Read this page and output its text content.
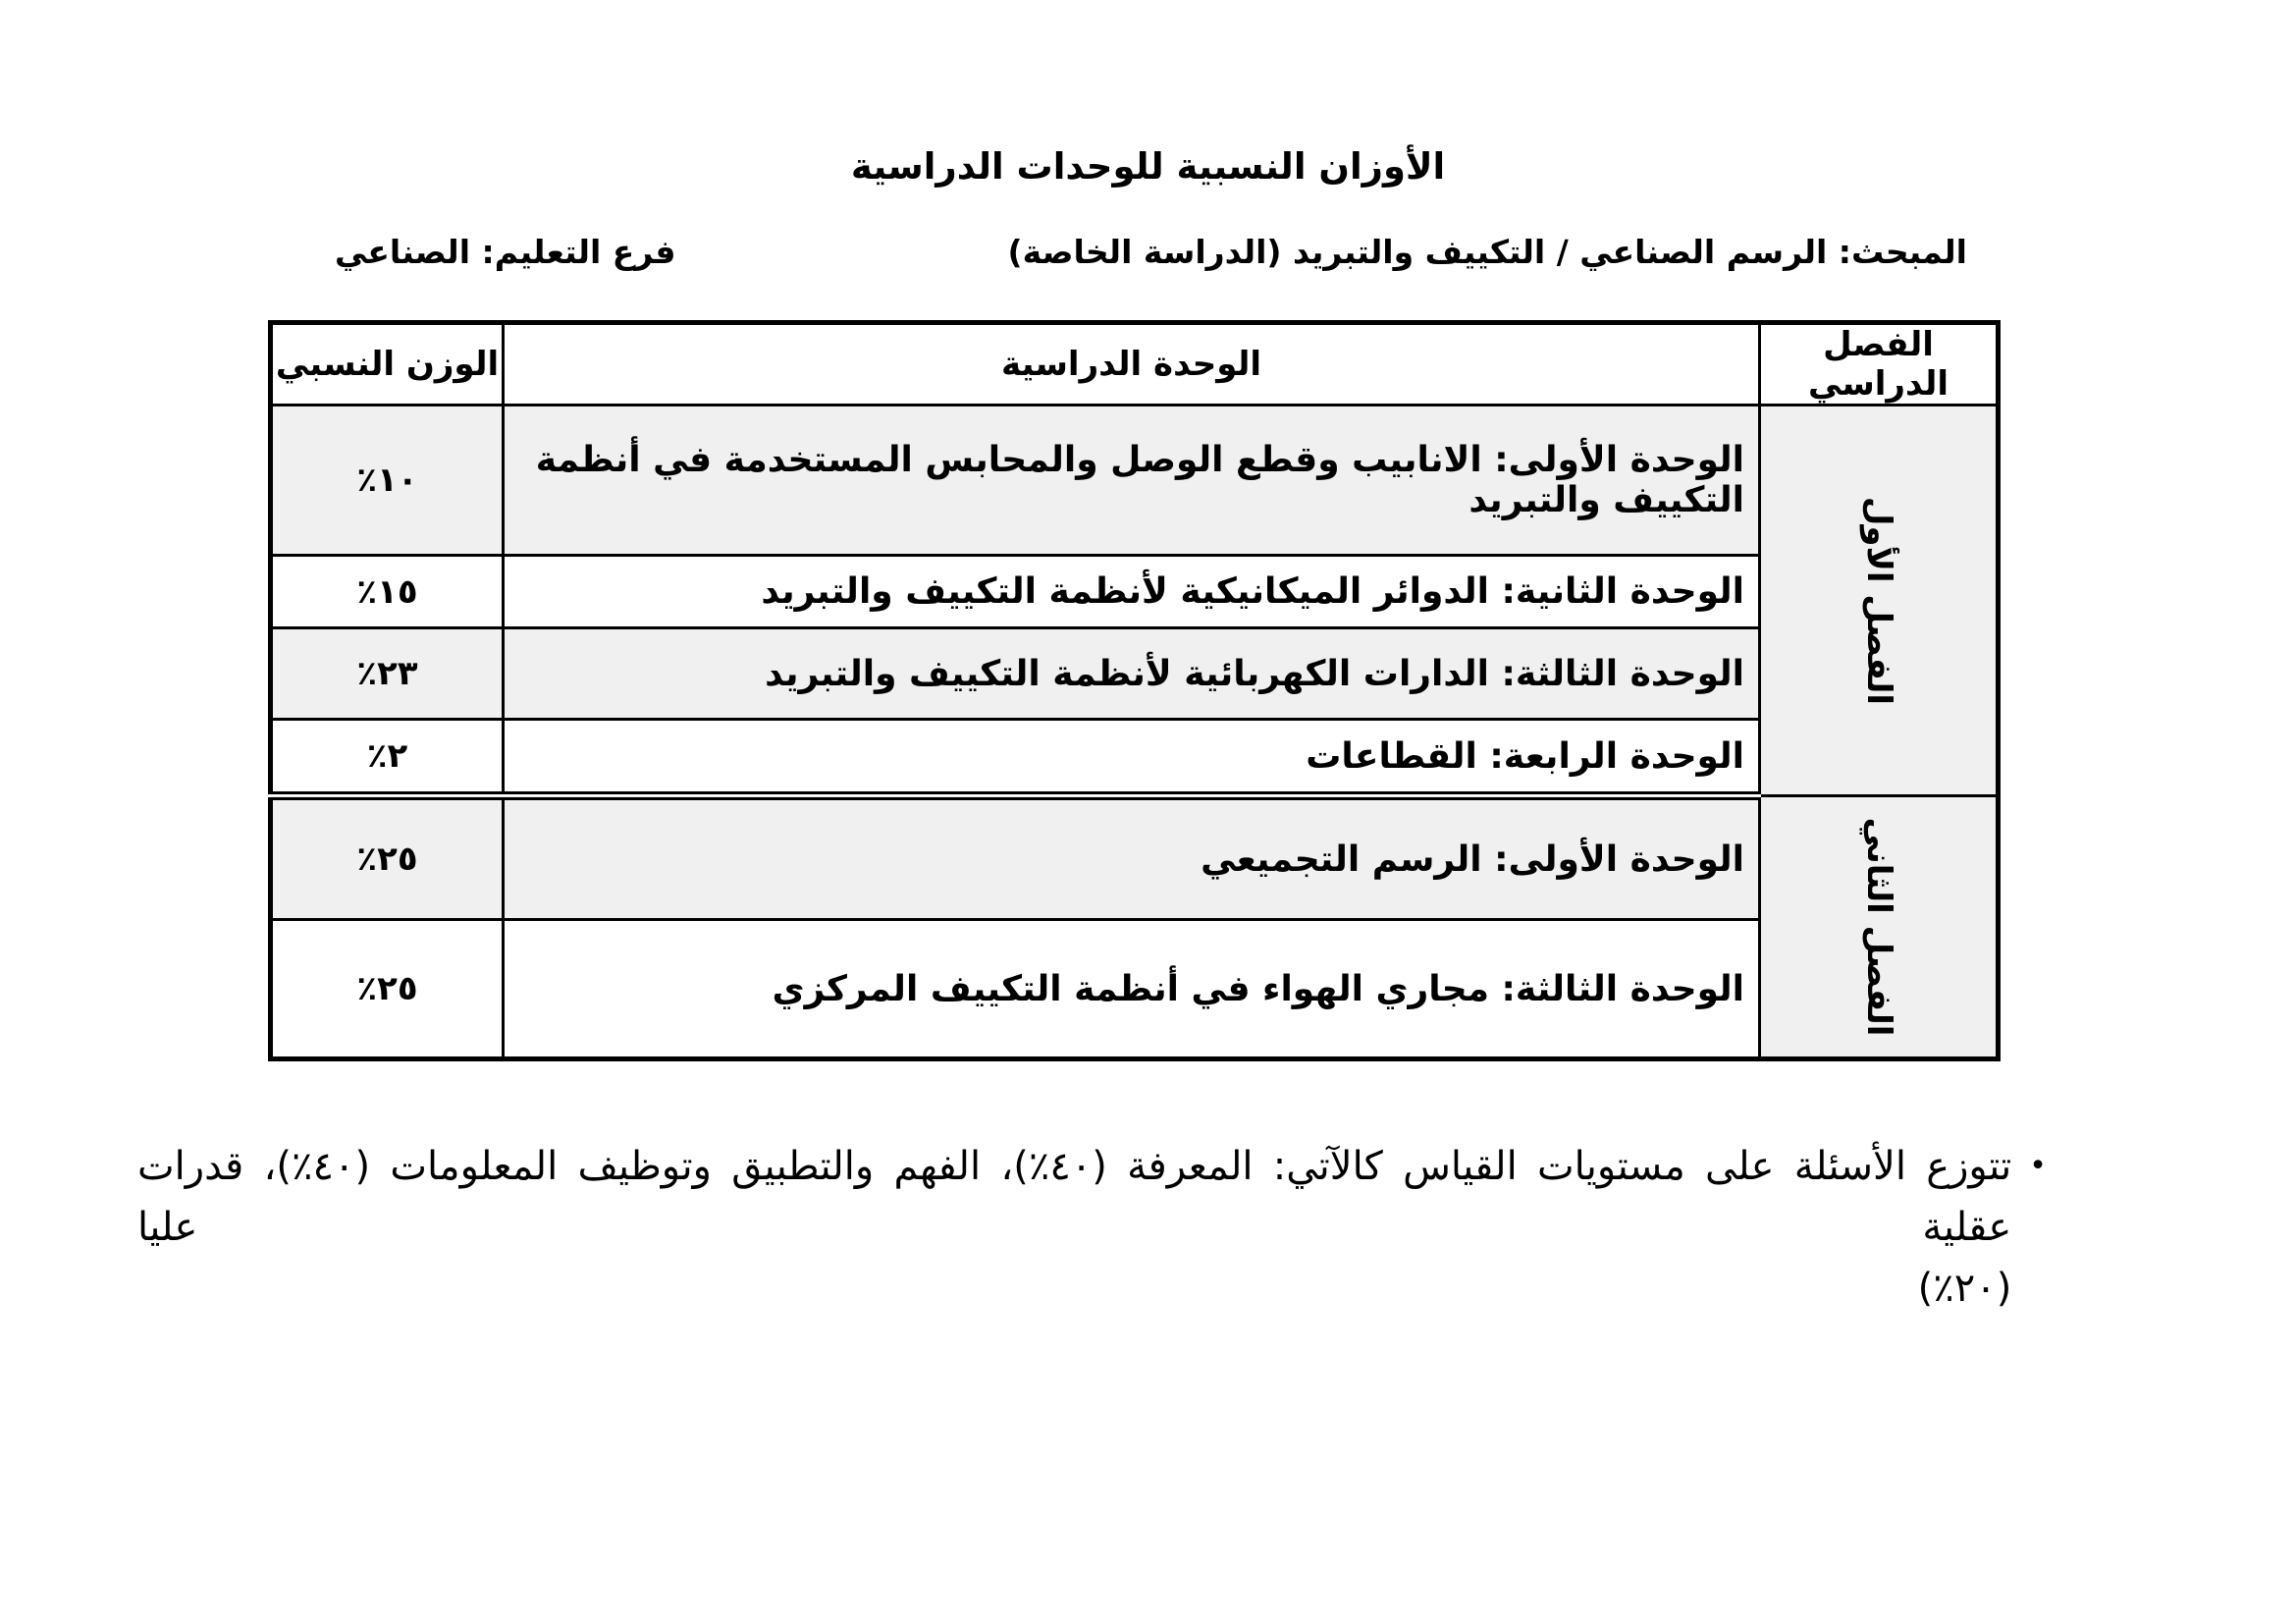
الأوزان النسبية للوحدات الدراسية
المبحث: الرسم الصناعي / التكييف والتبريد (الدراسة الخاصة)
فرع التعليم: الصناعي
الفصل الدراسي	الوحدة الدراسية	الوزن النسبي

الفصل الأول	الوحدة الأولى: الانابيب وقطع الوصل والمحابس المستخدمة في أنظمة التكييف والتبريد	١٠٪
	الوحدة الثانية: الدوائر الميكانيكية لأنظمة التكييف والتبريد	١٥٪
	الوحدة الثالثة: الدارات الكهربائية لأنظمة التكييف والتبريد	٢٣٪
	الوحدة الرابعة: القطاعات	٢٪

الفصل الثاني	الوحدة الأولى: الرسم التجميعي	٢٥٪
	الوحدة الثالثة: مجاري الهواء في أنظمة التكييف المركزي	٢٥٪
•
تتوزع الأسئلة على مستويات القياس كالآتي: المعرفة (٤٠٪)، الفهم والتطبيق وتوظيف المعلومات (٤٠٪)، قدرات عقلية عليا
(٢٠٪)
